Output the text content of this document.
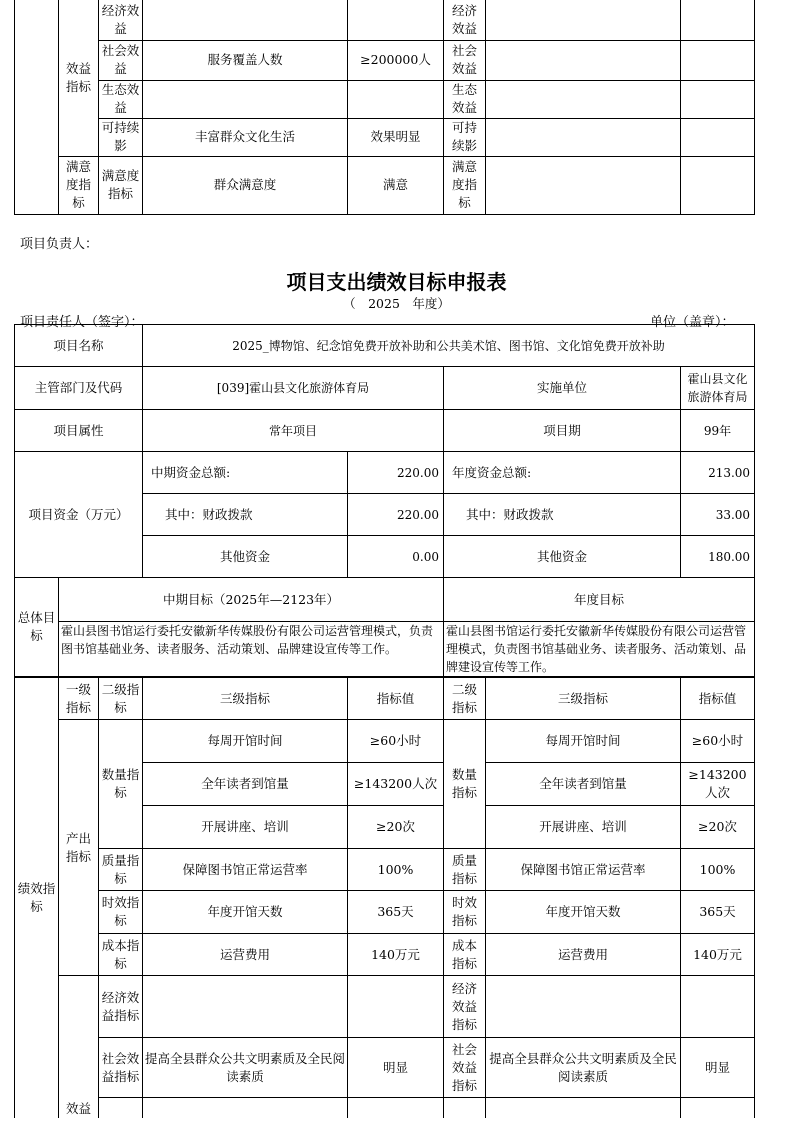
	效益指标	经济效益			经济效益		
		社会效益	服务覆盖人数	≥200000人	社会效益		
		生态效益			生态效益		
		可持续影	丰富群众文化生活	效果明显	可持续影		
	满意度指标	满意度指标	群众满意度	满意	满意度指标		
项目负责人：
项目支出绩效目标申报表
（　2025　年度）
项目责任人（签字）：	单位（盖章）：
项目名称		2025_博物馆、纪念馆免费开放补助和公共美术馆、图书馆、文化馆免费开放补助			
主管部门及代码		[039]霍山县文化旅游体育局		实施单位	霍山县文化旅游体育局
项目属性		常年项目		项目期	99年
项目资金（万元）		中期资金总额:	220.00	年度资金总额:	213.00
		其中：财政拨款	220.00	其中：财政拨款	33.00
		其他资金	0.00	其他资金	180.00
总体目标	中期目标（2025年—2123年）			年度目标	
	霍山县图书馆运行委托安徽新华传媒股份有限公司运营管理模式，负责图书馆基础业务、读者服务、活动策划、品牌建设宣传等工作。			霍山县图书馆运行委托安徽新华传媒股份有限公司运营管理模式，负责图书馆基础业务、读者服务、活动策划、品牌建设宣传等工作。	
绩效指标	一级指标	二级指标	三级指标	指标值	二级指标	三级指标	指标值
	产出指标	数量指标	每周开馆时间	≥60小时	数量指标	每周开馆时间	≥60小时
			全年读者到馆量	≥143200人次		全年读者到馆量	≥143200人次
			开展讲座、培训	≥20次		开展讲座、培训	≥20次
		质量指标	保障图书馆正常运营率	100%	质量指标	保障图书馆正常运营率	100%
		时效指标	年度开馆天数	365天	时效指标	年度开馆天数	365天
		成本指标	运营费用	140万元	成本指标	运营费用	140万元
	效益	经济效益指标			经济效益指标		
		社会效益指标	提高全县群众公共文明素质及全民阅读素质	明显	社会效益指标	提高全县群众公共文明素质及全民阅读素质	明显
